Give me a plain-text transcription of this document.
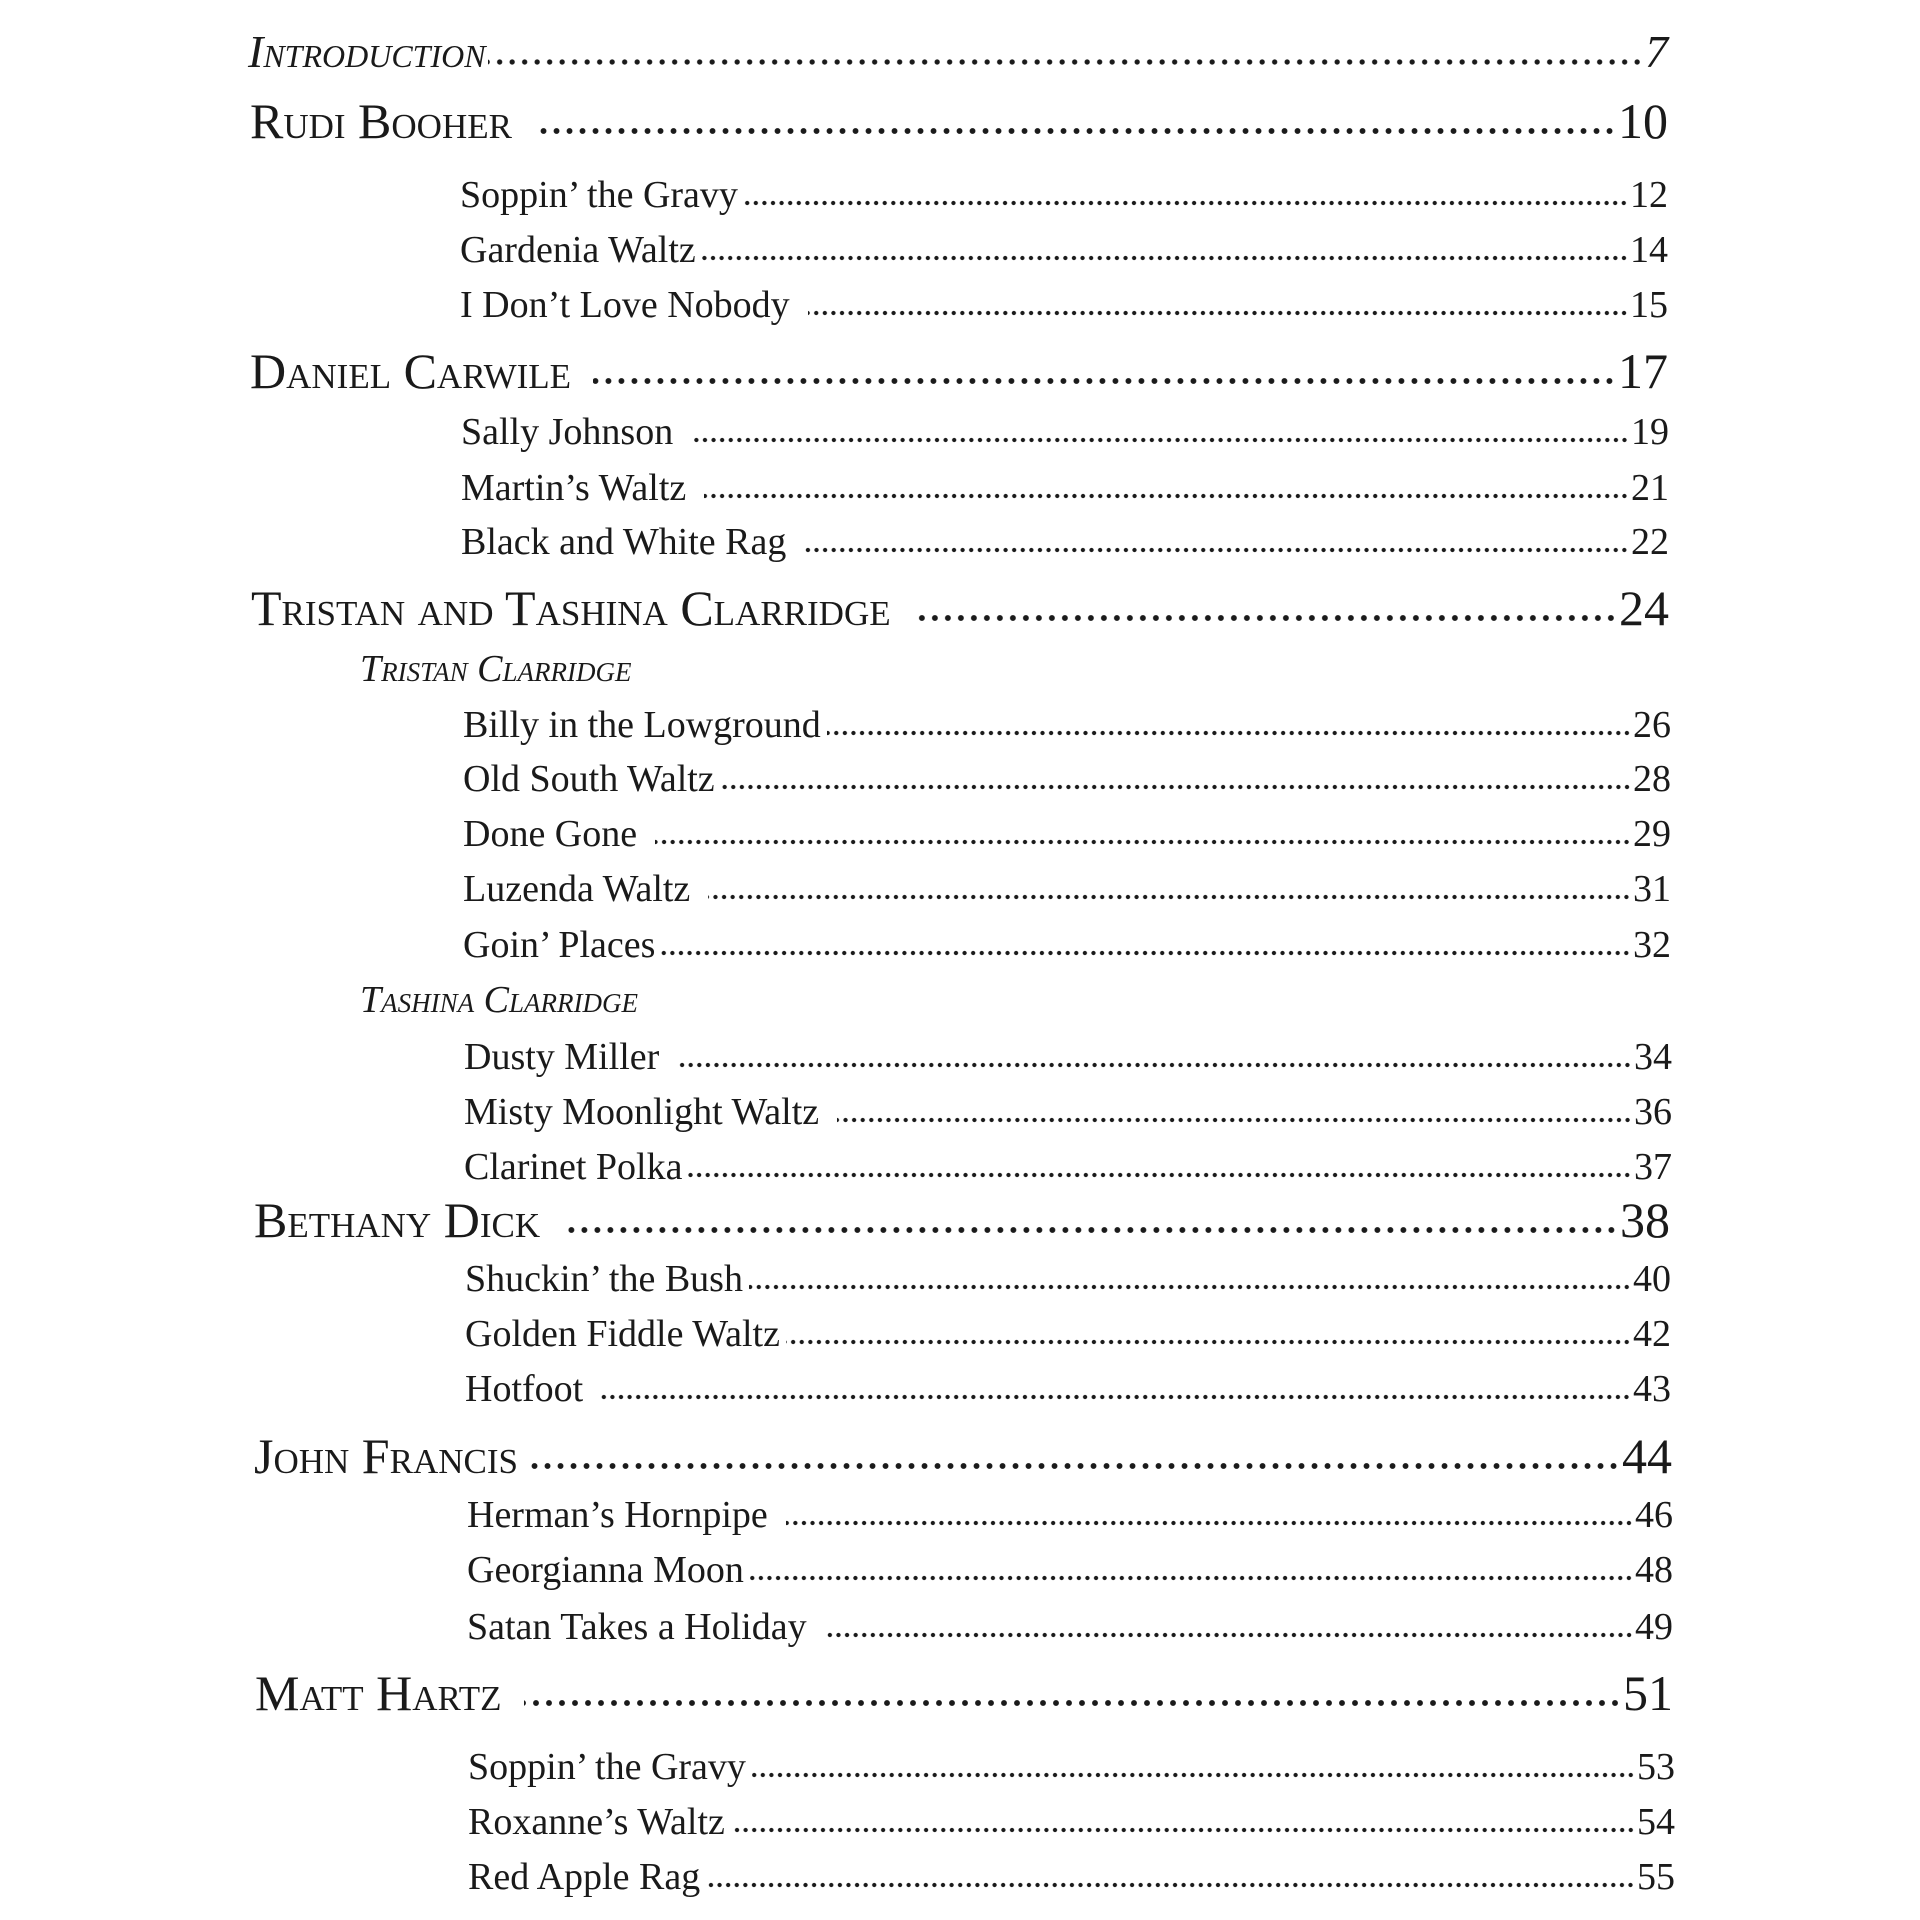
Introduction	7
Rudi Booher	10
Soppin’ the Gravy	12
Gardenia Waltz	14
I Don’t Love Nobody	15
Daniel Carwile	17
Sally Johnson	19
Martin’s Waltz	21
Black and White Rag	22
Tristan and Tashina Clarridge	24
Tristan Clarridge
Billy in the Lowground	26
Old South Waltz	28
Done Gone	29
Luzenda Waltz	31
Goin’ Places	32
Tashina Clarridge
Dusty Miller	34
Misty Moonlight Waltz	36
Clarinet Polka	37
Bethany Dick	38
Shuckin’ the Bush	40
Golden Fiddle Waltz	42
Hotfoot	43
John Francis	44
Herman’s Hornpipe	46
Georgianna Moon	48
Satan Takes a Holiday	49
Matt Hartz	51
Soppin’ the Gravy	53
Roxanne’s Waltz	54
Red Apple Rag	55
